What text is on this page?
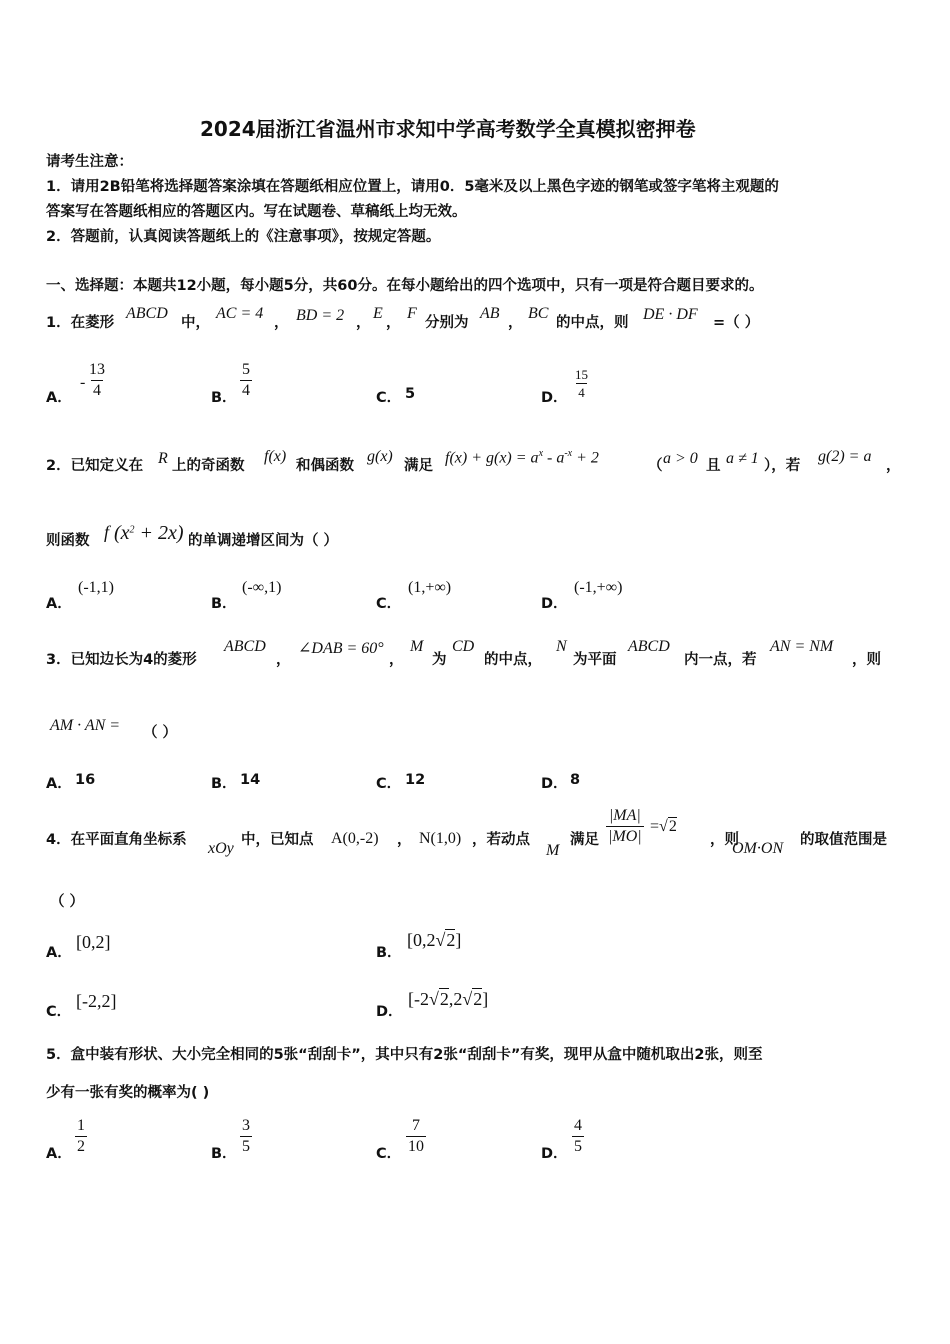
2024届浙江省温州市求知中学高考数学全真模拟密押卷
请考生注意：
1．请用2B铅笔将选择题答案涂填在答题纸相应位置上，请用0．5毫米及以上黑色字迹的钢笔或签字笔将主观题的
答案写在答题纸相应的答题区内。写在试题卷、草稿纸上均无效。
2．答题前，认真阅读答题纸上的《注意事项》，按规定答题。
一、选择题：本题共12小题，每小题5分，共60分。在每小题给出的四个选项中，只有一项是符合题目要求的。
1．在菱形
ABCD
中，
AC = 4
， BD = 2 ，
E
，
F
分别为
AB
，
BC
的中点，则 DE · DF =（ ）
A．
- $\frac{13}{4}$	B． $\frac{5}{4}$	C． 5	D． $\frac{15}{4}$
2．已知定义在 R 上的奇函数
f(x)
和偶函数
g(x)
满足 $f(x) + g(x) = a^x - a^{-x} + 2$	（ a > 0 且 a ≠ 1 ），若
g(2) = a
，
则函数 f $(x^2 + 2x)$ 的单调递增区间为（ ）
A．
(-1,1)
B．
(-∞,1)
C．
(1,+∞)
D．
(-1,+∞)
3．已知边长为4的菱形
ABCD
，
∠DAB = 60°
，
M
为
CD
的中点，
N
为平面
ABCD
内一点，若
AN = NM
，则
AM · AN = （ ）
A． 16	B． 14	C． 12	D． 8
4．在平面直角坐标系 xOy 中，已知点 A(0,-2) ， N(1,0) ，若动点
M
满足 $\frac{|MA|}{|MO|} =√2$
，则
OM·ON 的取值范围是
（ ）
A．
[0,2]
B．
[0,2√2]
C．
[-2,2]
D．
[-2√2,2√2]
5．盒中装有形状、大小完全相同的5张“刮刮卡”，其中只有2张“刮刮卡”有奖，现甲从盒中随机取出2张，则至
少有一张有奖的概率为( )
A． $\frac{1}{2}$	B． $\frac{3}{5}$	C． $\frac{7}{10}$	D． $\frac{4}{5}$
